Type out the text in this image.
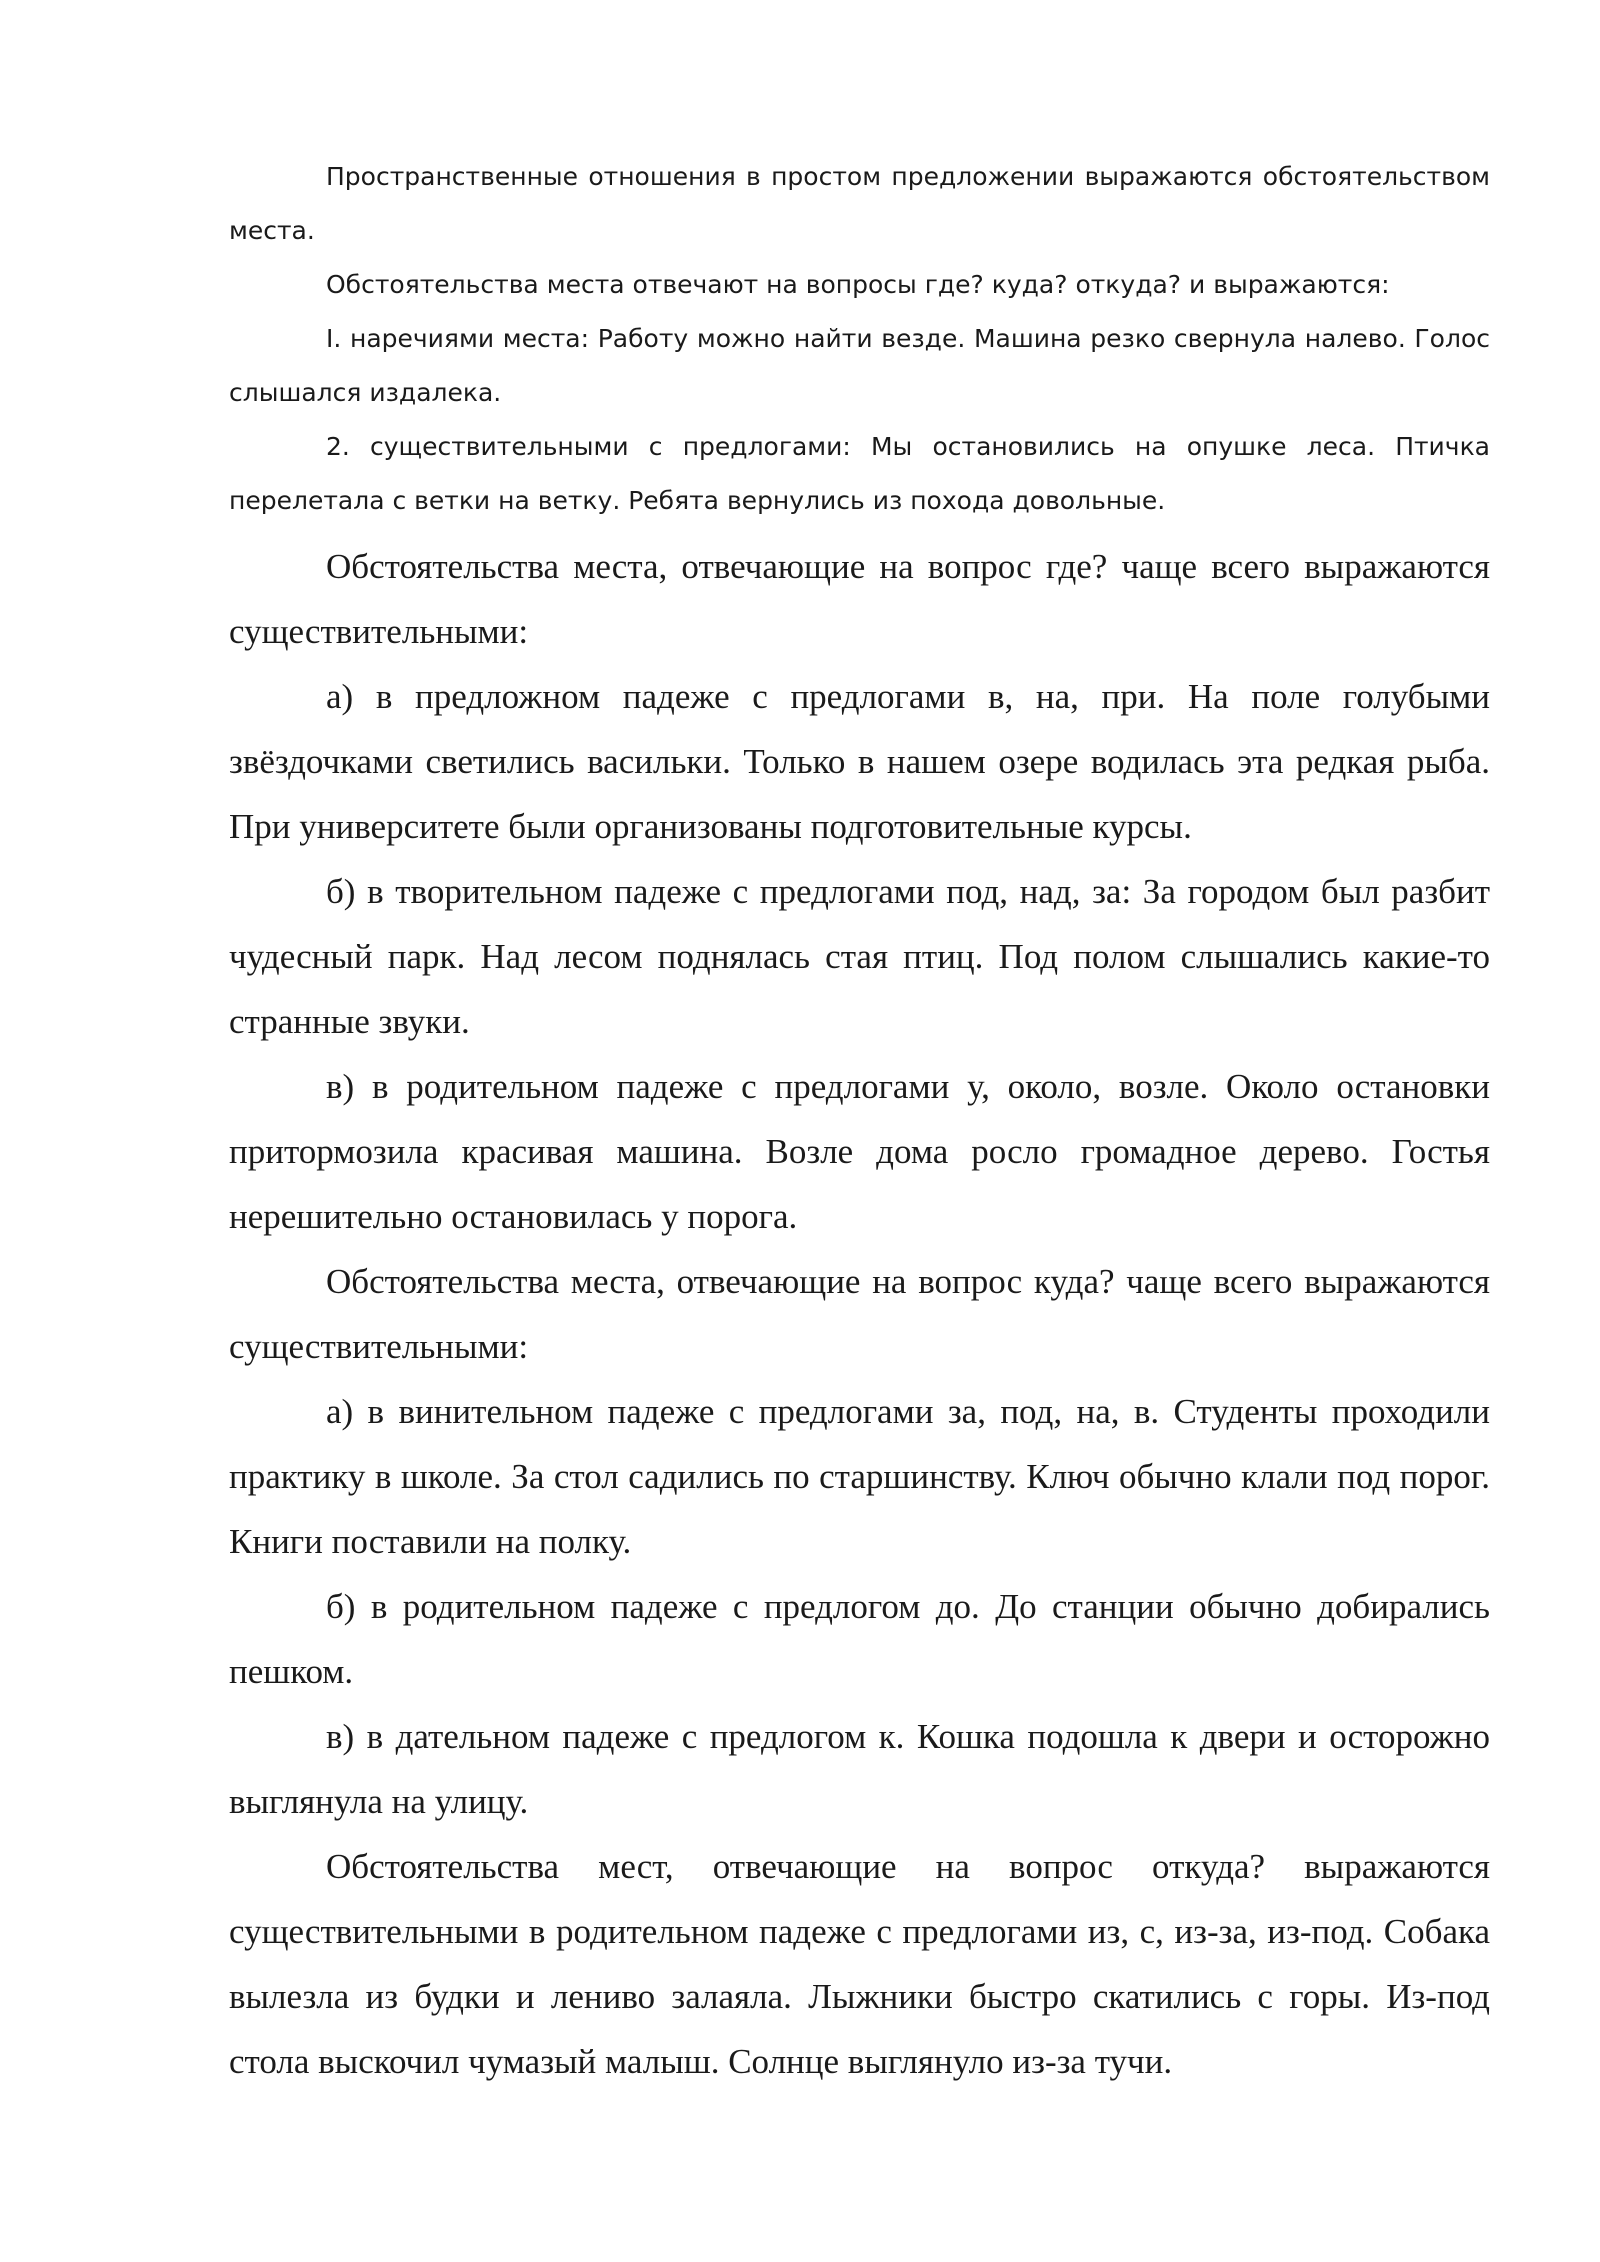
Пространственные отношения в простом предложении выражаются обстоятельством места.

Обстоятельства места отвечают на вопросы где? куда? откуда? и выражаются:

I. наречиями места: Работу можно найти везде. Машина резко свернула налево. Голос слышался издалека.

2. существительными с предлогами: Мы остановились на опушке леса. Птичка перелетала с ветки на ветку. Ребята вернулись из похода довольные.

Обстоятельства места, отвечающие на вопрос где? чаще всего выражаются существительными:

а) в предложном падеже с предлогами в, на, при. На поле голубыми звёздочками светились васильки. Только в нашем озере водилась эта редкая рыба. При университете были организованы подготовительные курсы.

б) в творительном падеже с предлогами под, над, за: За городом был разбит чудесный парк. Над лесом поднялась стая птиц. Под полом слышались какие-то странные звуки.

в) в родительном падеже с предлогами у, около, возле. Около остановки притормозила красивая машина. Возле дома росло громадное дерево. Гостья нерешительно остановилась у порога.

Обстоятельства места, отвечающие на вопрос куда? чаще всего выражаются существительными:

а) в винительном падеже с предлогами за, под, на, в. Студенты проходили практику в школе. За стол садились по старшинству. Ключ обычно клали под порог. Книги поставили на полку.

б) в родительном падеже с предлогом до. До станции обычно добирались пешком.

в) в дательном падеже с предлогом к. Кошка подошла к двери и осторожно выглянула на улицу.

Обстоятельства мест, отвечающие на вопрос откуда? выражаются существительными в родительном падеже с предлогами из, с, из-за, из-под. Собака вылезла из будки и лениво залаяла. Лыжники быстро скатились с горы. Из-под стола выскочил чумазый малыш. Солнце выглянуло из-за тучи.
